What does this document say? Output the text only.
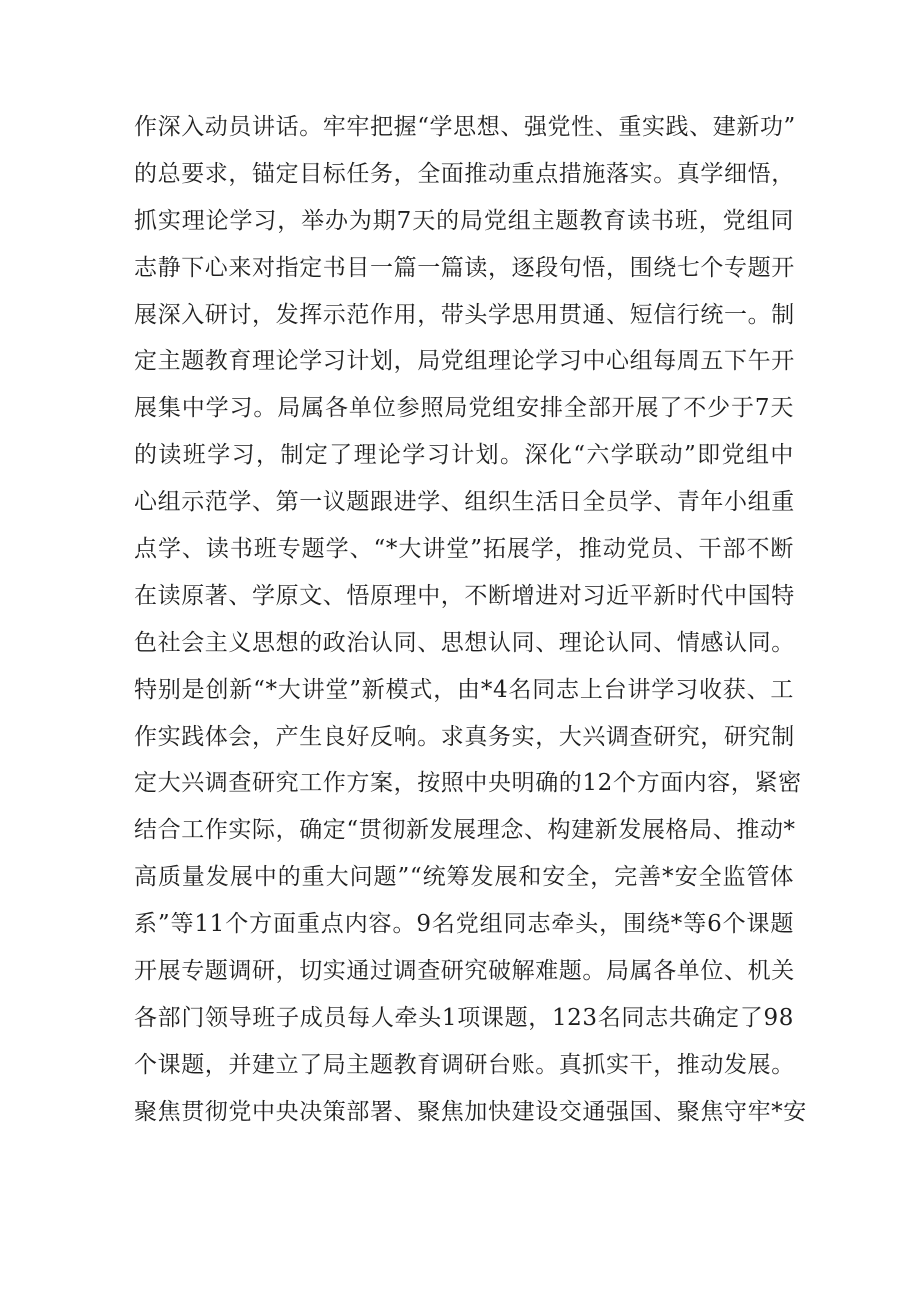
作深入动员讲话。牢牢把握“学思想、强党性、重实践、建新功”
的总要求，锚定目标任务，全面推动重点措施落实。真学细悟，
抓实理论学习，举办为期7天的局党组主题教育读书班，党组同
志静下心来对指定书目一篇一篇读，逐段句悟，围绕七个专题开
展深入研讨，发挥示范作用，带头学思用贯通、短信行统一。制
定主题教育理论学习计划，局党组理论学习中心组每周五下午开
展集中学习。局属各单位参照局党组安排全部开展了不少于7天
的读班学习，制定了理论学习计划。深化“六学联动”即党组中
心组示范学、第一议题跟进学、组织生活日全员学、青年小组重
点学、读书班专题学、“*大讲堂”拓展学，推动党员、干部不断
在读原著、学原文、悟原理中，不断增进对习近平新时代中国特
色社会主义思想的政治认同、思想认同、理论认同、情感认同。
特别是创新“*大讲堂”新模式，由*4名同志上台讲学习收获、工
作实践体会，产生良好反响。求真务实，大兴调查研究，研究制
定大兴调查研究工作方案，按照中央明确的12个方面内容，紧密
结合工作实际，确定“贯彻新发展理念、构建新发展格局、推动*
高质量发展中的重大问题”“统筹发展和安全，完善*安全监管体
系”等11个方面重点内容。9名党组同志牵头，围绕*等6个课题
开展专题调研，切实通过调查研究破解难题。局属各单位、机关
各部门领导班子成员每人牵头1项课题，123名同志共确定了98
个课题，并建立了局主题教育调研台账。真抓实干，推动发展。
聚焦贯彻党中央决策部署、聚焦加快建设交通强国、聚焦守牢*安
